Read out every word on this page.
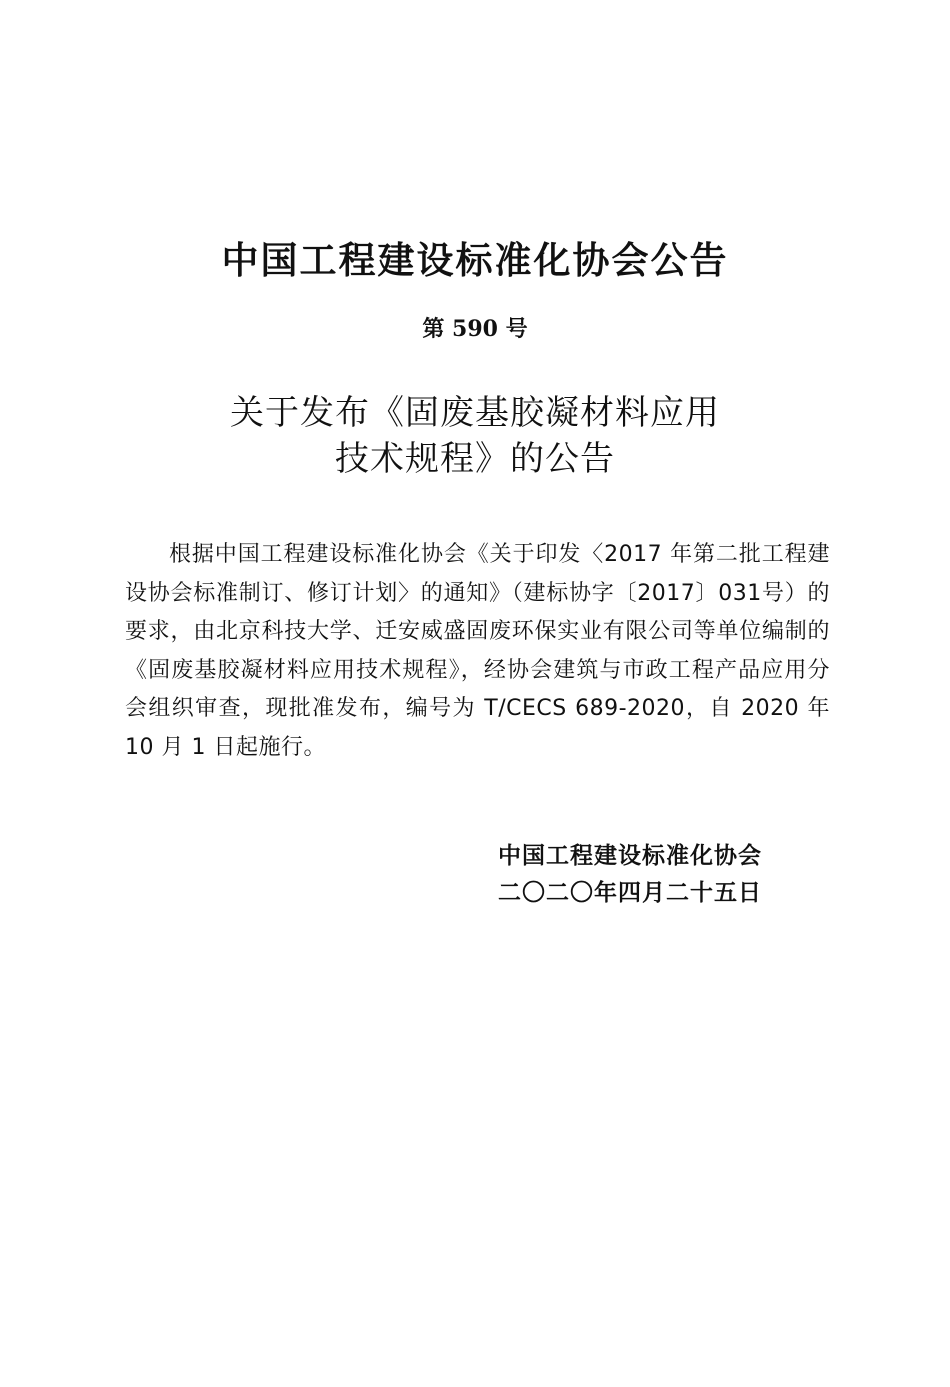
中国工程建设标准化协会公告
第 590 号
关于发布《固废基胶凝材料应用
技术规程》的公告

根据中国工程建设标准化协会《关于印发〈2017 年第二批工程建设协会标准制订、修订计划〉的通知》（建标协字〔2017〕031号）的要求，由北京科技大学、迁安威盛固废环保实业有限公司等单位编制的《固废基胶凝材料应用技术规程》，经协会建筑与市政工程产品应用分会组织审查，现批准发布，编号为 T/CECS 689-2020，自 2020 年 10 月 1 日起施行。

中国工程建设标准化协会
二〇二〇年四月二十五日
